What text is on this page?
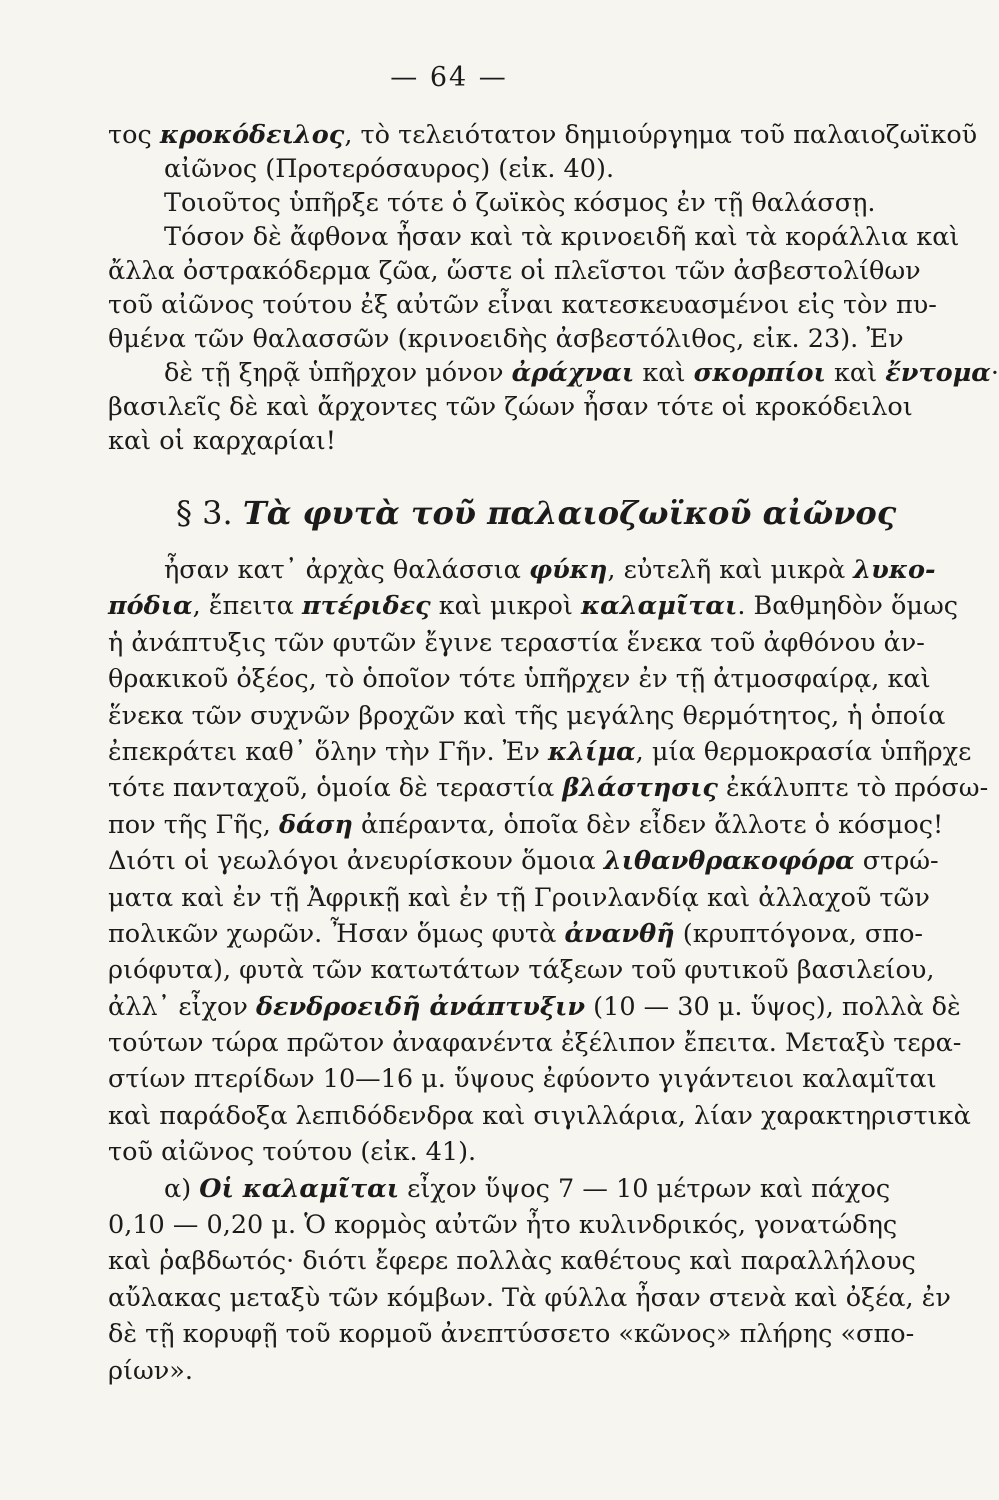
— 64 —
τος κροκόδειλος, τὸ τελειότατον δημιούργημα τοῦ παλαιοζωϊκοῦ
αἰῶνος (Προτερόσαυρος) (εἰκ. 40).
Τοιοῦτος ὑπῆρξε τότε ὁ ζωϊκὸς κόσμος ἐν τῇ θαλάσσῃ.
Τόσον δὲ ἄφθονα ἦσαν καὶ τὰ κρινοειδῆ καὶ τὰ κοράλλια καὶ
ἄλλα ὀστρακόδερμα ζῶα, ὥστε οἱ πλεῖστοι τῶν ἀσβεστολίθων
τοῦ αἰῶνος τούτου ἐξ αὐτῶν εἶναι κατεσκευασμένοι εἰς τὸν πυ-
θμένα τῶν θαλασσῶν (κρινοειδὴς ἀσβεστόλιθος, εἰκ. 23). Ἐν
δὲ τῇ ξηρᾷ ὑπῆρχον μόνον ἀράχναι καὶ σκορπίοι καὶ ἔντομα·
βασιλεῖς δὲ καὶ ἄρχοντες τῶν ζώων ἦσαν τότε οἱ κροκόδειλοι
καὶ οἱ καρχαρίαι!
§ 3. Τὰ φυτὰ τοῦ παλαιοζωϊκοῦ αἰῶνος
ἦσαν κατ᾽ ἀρχὰς θαλάσσια φύκη, εὐτελῆ καὶ μικρὰ λυκο-
πόδια, ἔπειτα πτέριδες καὶ μικροὶ καλαμῖται. Βαθμηδὸν ὅμως
ἡ ἀνάπτυξις τῶν φυτῶν ἔγινε τεραστία ἕνεκα τοῦ ἀφθόνου ἀν-
θρακικοῦ ὀξέος, τὸ ὁποῖον τότε ὑπῆρχεν ἐν τῇ ἀτμοσφαίρᾳ, καὶ
ἕνεκα τῶν συχνῶν βροχῶν καὶ τῆς μεγάλης θερμότητος, ἡ ὁποία
ἐπεκράτει καθ᾽ ὅλην τὴν Γῆν. Ἐν κλίμα, μία θερμοκρασία ὑπῆρχε
τότε πανταχοῦ, ὁμοία δὲ τεραστία βλάστησις ἐκάλυπτε τὸ πρόσω-
πον τῆς Γῆς, δάση ἀπέραντα, ὁποῖα δὲν εἶδεν ἄλλοτε ὁ κόσμος!
Διότι οἱ γεωλόγοι ἀνευρίσκουν ὅμοια λιθανθρακοφόρα στρώ-
ματα καὶ ἐν τῇ Ἀφρικῇ καὶ ἐν τῇ Γροινλανδίᾳ καὶ ἀλλαχοῦ τῶν
πολικῶν χωρῶν. Ἦσαν ὅμως φυτὰ ἀνανθῆ (κρυπτόγονα, σπο-
ριόφυτα), φυτὰ τῶν κατωτάτων τάξεων τοῦ φυτικοῦ βασιλείου,
ἀλλ᾽ εἶχον δενδροειδῆ ἀνάπτυξιν (10 — 30 μ. ὕψος), πολλὰ δὲ
τούτων τώρα πρῶτον ἀναφανέντα ἐξέλιπον ἔπειτα. Μεταξὺ τερα-
στίων πτερίδων 10—16 μ. ὕψους ἐφύοντο γιγάντειοι καλαμῖται
καὶ παράδοξα λεπιδόδενδρα καὶ σιγιλλάρια, λίαν χαρακτηριστικὰ
τοῦ αἰῶνος τούτου (εἰκ. 41).
α) Οἱ καλαμῖται εἶχον ὕψος 7 — 10 μέτρων καὶ πάχος
0,10 — 0,20 μ. Ὁ κορμὸς αὐτῶν ἦτο κυλινδρικός, γονατώδης
καὶ ῥαβδωτός· διότι ἔφερε πολλὰς καθέτους καὶ παραλλήλους
αὔλακας μεταξὺ τῶν κόμβων. Τὰ φύλλα ἦσαν στενὰ καὶ ὀξέα, ἐν
δὲ τῇ κορυφῇ τοῦ κορμοῦ ἀνεπτύσσετο «κῶνος» πλήρης «σπο-
ρίων».
